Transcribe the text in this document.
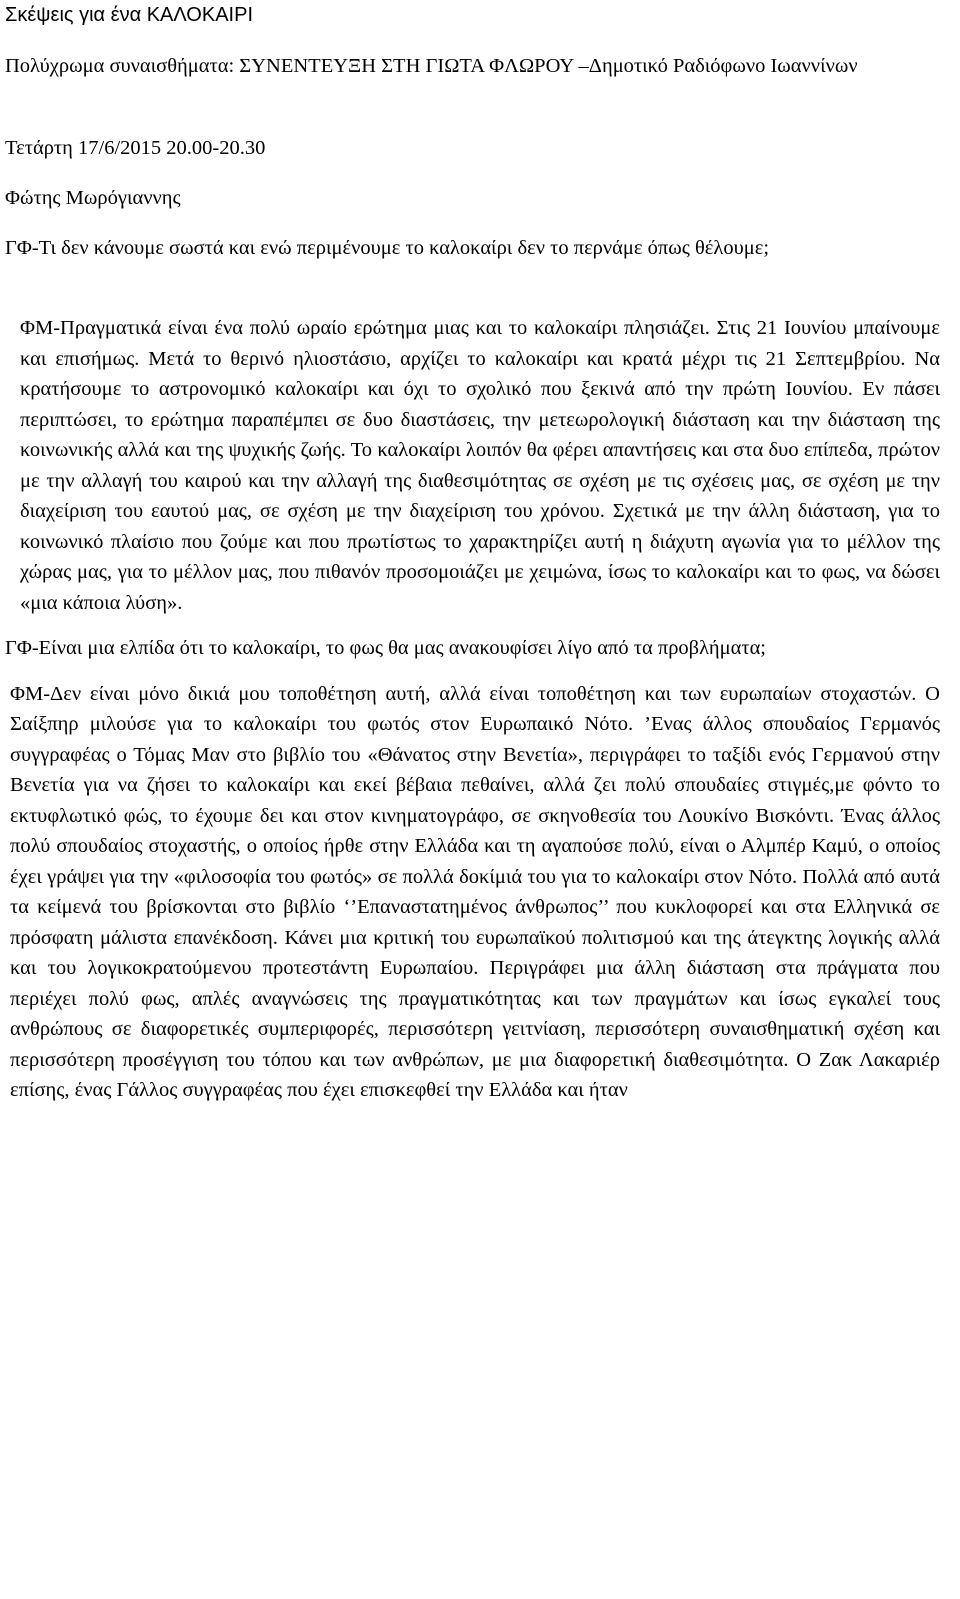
Σκέψεις για ένα ΚΑΛΟΚΑΙΡΙ

Πολύχρωμα συναισθήματα: ΣΥΝΕΝΤΕΥΞΗ ΣΤΗ ΓΙΩΤΑ ΦΛΩΡΟΥ –Δημοτικό Ραδιόφωνο Ιωαννίνων

Τετάρτη 17/6/2015 20.00-20.30

Φώτης Μωρόγιαννης

ΓΦ-Τι δεν κάνουμε σωστά και ενώ περιμένουμε το καλοκαίρι δεν το περνάμε όπως θέλουμε;

ΦΜ-Πραγματικά είναι ένα πολύ ωραίο ερώτημα μιας και το καλοκαίρι πλησιάζει. Στις 21 Ιουνίου μπαίνουμε και επισήμως. Μετά το θερινό ηλιοστάσιο, αρχίζει το καλοκαίρι και κρατά μέχρι τις 21 Σεπτεμβρίου. Να κρατήσουμε το αστρονομικό καλοκαίρι και όχι το σχολικό που ξεκινά από την πρώτη Ιουνίου. Εν πάσει περιπτώσει, το ερώτημα παραπέμπει σε δυο διαστάσεις, την μετεωρολογική διάσταση και την διάσταση της κοινωνικής αλλά και της ψυχικής ζωής. Το καλοκαίρι λοιπόν θα φέρει απαντήσεις και στα δυο επίπεδα, πρώτον με την αλλαγή του καιρού και την αλλαγή της διαθεσιμότητας σε σχέση με τις σχέσεις μας, σε σχέση με την διαχείριση του εαυτού μας, σε σχέση με την διαχείριση του χρόνου. Σχετικά με την άλλη διάσταση, για το κοινωνικό πλαίσιο που ζούμε και που πρωτίστως το χαρακτηρίζει αυτή η διάχυτη αγωνία για το μέλλον της χώρας μας, για το μέλλον μας, που πιθανόν προσομοιάζει με χειμώνα, ίσως το καλοκαίρι και το φως, να δώσει «μια κάποια λύση».

ΓΦ-Είναι μια ελπίδα ότι το καλοκαίρι, το φως θα μας ανακουφίσει λίγο από τα προβλήματα;

ΦΜ-Δεν είναι μόνο δικιά μου τοποθέτηση αυτή, αλλά είναι τοποθέτηση και των ευρωπαίων στοχαστών. Ο Σαίξπηρ μιλούσε για το καλοκαίρι του φωτός στον Ευρωπαικό Νότο. ’Ενας άλλος σπουδαίος Γερμανός συγγραφέας ο Τόμας Μαν στο βιβλίο του «Θάνατος στην Βενετία», περιγράφει το ταξίδι ενός Γερμανού στην Βενετία για να ζήσει το καλοκαίρι και εκεί βέβαια πεθαίνει, αλλά ζει πολύ σπουδαίες στιγμές,με φόντο το εκτυφλωτικό φώς, το έχουμε δει και στον κινηματογράφο, σε σκηνοθεσία του Λουκίνο Βισκόντι. Ένας άλλος πολύ σπουδαίος στοχαστής, ο οποίος ήρθε στην Ελλάδα και τη αγαπούσε πολύ, είναι ο Αλμπέρ Καμύ, ο οποίος έχει γράψει για την «φιλοσοφία του φωτός» σε πολλά δοκίμιά του για το καλοκαίρι στον Νότο. Πολλά από αυτά τα κείμενά του βρίσκονται στο βιβλίο ‘’Επαναστατημένος άνθρωπος’’ που κυκλοφορεί και στα Ελληνικά σε πρόσφατη μάλιστα επανέκδοση. Κάνει μια κριτική του ευρωπαϊκού πολιτισμού και της άτεγκτης λογικής αλλά και του λογικοκρατούμενου προτεστάντη Ευρωπαίου. Περιγράφει μια άλλη διάσταση στα πράγματα που περιέχει πολύ φως, απλές αναγνώσεις της πραγματικότητας και των πραγμάτων και ίσως εγκαλεί τους ανθρώπους σε διαφορετικές συμπεριφορές, περισσότερη γειτνίαση, περισσότερη συναισθηματική σχέση και περισσότερη προσέγγιση του τόπου και των ανθρώπων, με μια διαφορετική διαθεσιμότητα. Ο Ζακ Λακαριέρ επίσης, ένας Γάλλος συγγραφέας που έχει επισκεφθεί την Ελλάδα και ήταν
